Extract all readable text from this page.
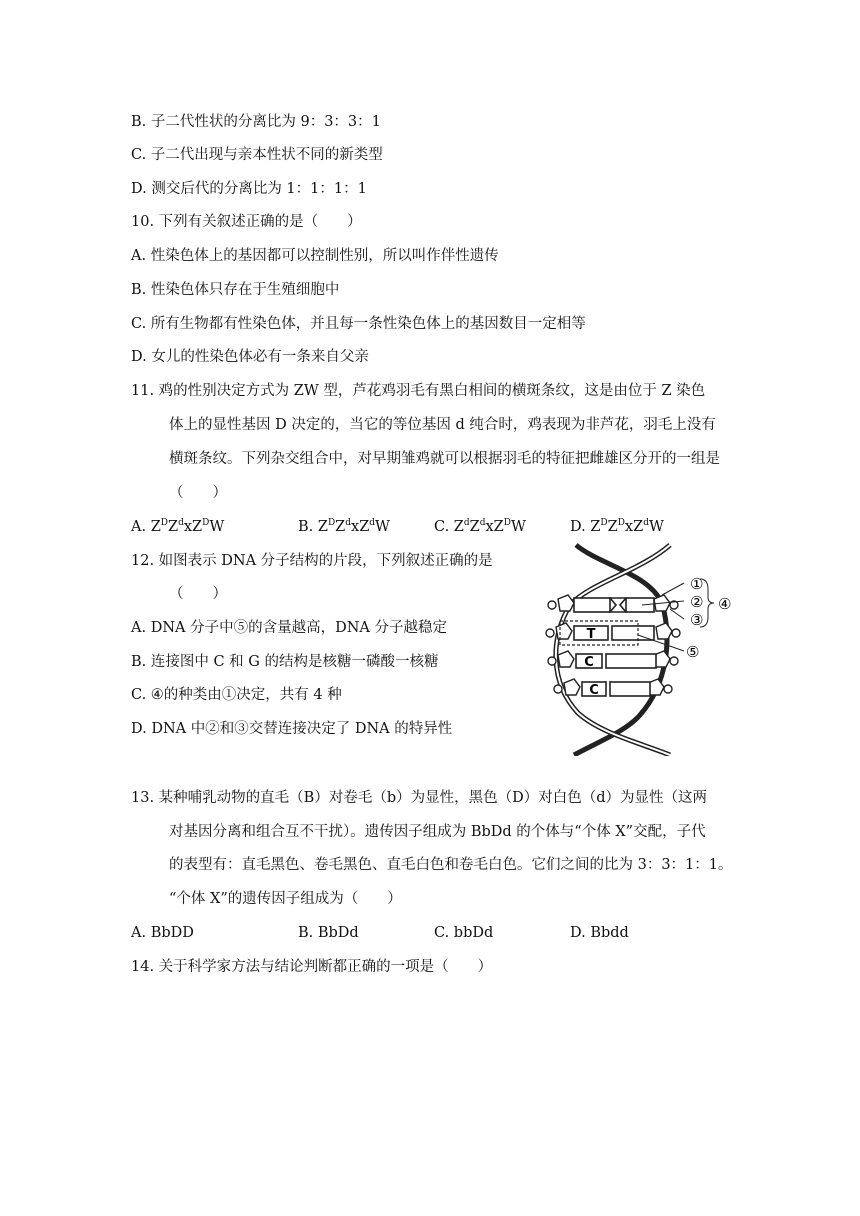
B. 子二代性状的分离比为 9：3：3：1
C. 子二代出现与亲本性状不同的新类型
D. 测交后代的分离比为 1：1：1：1
10. 下列有关叙述正确的是（　　）
A. 性染色体上的基因都可以控制性别，所以叫作伴性遗传
B. 性染色体只存在于生殖细胞中
C. 所有生物都有性染色体，并且每一条性染色体上的基因数目一定相等
D. 女儿的性染色体必有一条来自父亲
11. 鸡的性别决定方式为 ZW 型，芦花鸡羽毛有黑白相间的横斑条纹，这是由位于 Z 染色
体上的显性基因 D 决定的，当它的等位基因 d 纯合时，鸡表现为非芦花，羽毛上没有
横斑条纹。下列杂交组合中，对早期雏鸡就可以根据羽毛的特征把雌雄区分开的一组是
（　　）
A. $Z^DZ^dxZ^DW$	B. $Z^DZ^dxZ^dW$	C. $Z^dZ^dxZ^DW$	D. $Z^DZ^DxZ^dW$
12. 如图表示 DNA 分子结构的片段，下列叙述正确的是
（　　）
A. DNA 分子中⑤的含量越高，DNA 分子越稳定
B. 连接图中 C 和 G 的结构是核糖一磷酸一核糖
C. ④的种类由①决定，共有 4 种
D. DNA 中②和③交替连接决定了 DNA 的特异性
T
C
C
①
②
③
④
⑤
13. 某种哺乳动物的直毛（B）对卷毛（b）为显性，黑色（D）对白色（d）为显性（这两
对基因分离和组合互不干扰）。遗传因子组成为 BbDd 的个体与“个体 X”交配，子代
的表型有：直毛黑色、卷毛黑色、直毛白色和卷毛白色。它们之间的比为 3：3：1：1。
“个体 X”的遗传因子组成为（　　）
A. BbDD	B. BbDd	C. bbDd	D. Bbdd
14. 关于科学家方法与结论判断都正确的一项是（　　）
